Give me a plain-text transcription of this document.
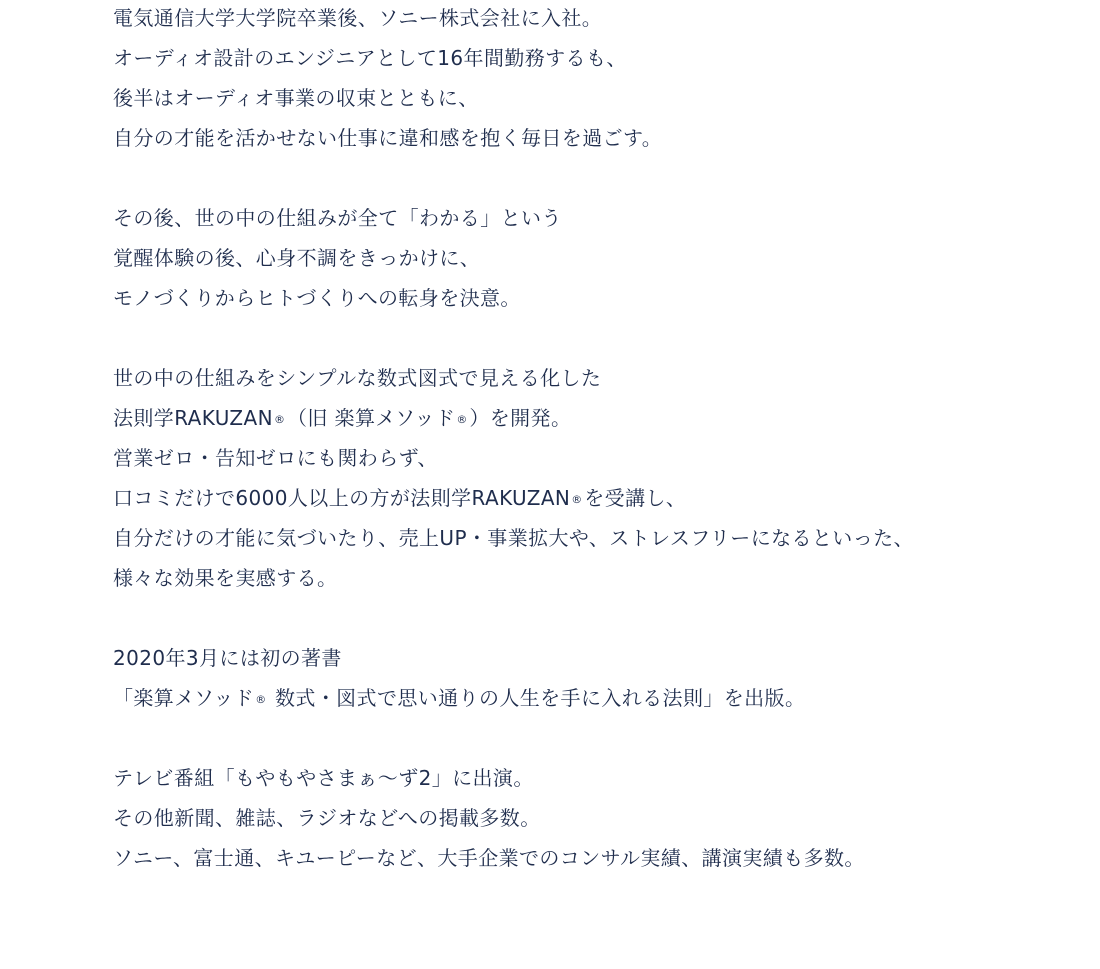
電気通信大学大学院卒業後、ソニー株式会社に入社。
オーディオ設計のエンジニアとして16年間勤務するも、
後半はオーディオ事業の収束とともに、
自分の才能を活かせない仕事に違和感を抱く毎日を過ごす。
その後、世の中の仕組みが全て「わかる」という
覚醒体験の後、心身不調をきっかけに、
モノづくりからヒトづくりへの転身を決意。
世の中の仕組みをシンプルな数式図式で見える化した
法則学RAKUZAN® （旧 楽算メソッド® ）を開発。
営業ゼロ・告知ゼロにも関わらず、
口コミだけで6000人以上の方が法則学RAKUZAN® を受講し、
自分だけの才能に気づいたり、売上UP・事業拡大や、ストレスフリーになるといった、
様々な効果を実感する。
2020年3月には初の著書
「楽算メソッド® 数式・図式で思い通りの人生を手に入れる法則」を出版。
テレビ番組「もやもやさまぁ～ず2」に出演。
その他新聞、雑誌、ラジオなどへの掲載多数。
ソニー、富士通、キユーピーなど、大手企業でのコンサル実績、講演実績も多数。
